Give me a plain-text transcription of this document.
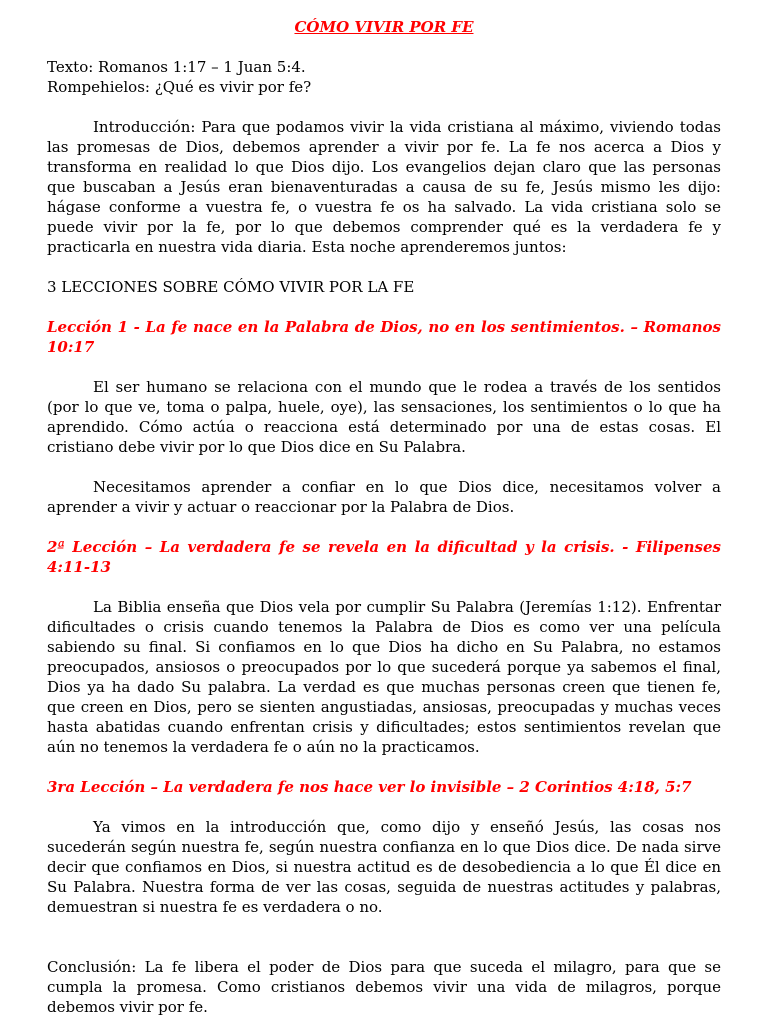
CÓMO VIVIR POR FE

Texto: Romanos 1:17 – 1 Juan 5:4.

Rompehielos: ¿Qué es vivir por fe?

Introducción: Para que podamos vivir la vida cristiana al máximo, viviendo todas las promesas de Dios, debemos aprender a vivir por fe. La fe nos acerca a Dios y transforma en realidad lo que Dios dijo. Los evangelios dejan claro que las personas que buscaban a Jesús eran bienaventuradas a causa de su fe, Jesús mismo les dijo: hágase conforme a vuestra fe, o vuestra fe os ha salvado. La vida cristiana solo se puede vivir por la fe, por lo que debemos comprender qué es la verdadera fe y practicarla en nuestra vida diaria. Esta noche aprenderemos juntos:

3 LECCIONES SOBRE CÓMO VIVIR POR LA FE

Lección 1 - La fe nace en la Palabra de Dios, no en los sentimientos. – Romanos 10:17

El ser humano se relaciona con el mundo que le rodea a través de los sentidos (por lo que ve, toma o palpa, huele, oye), las sensaciones, los sentimientos o lo que ha aprendido. Cómo actúa o reacciona está determinado por una de estas cosas. El cristiano debe vivir por lo que Dios dice en Su Palabra.

Necesitamos aprender a confiar en lo que Dios dice, necesitamos volver a aprender a vivir y actuar o reaccionar por la Palabra de Dios.

2ª Lección – La verdadera fe se revela en la dificultad y la crisis. - Filipenses 4:11-13

La Biblia enseña que Dios vela por cumplir Su Palabra (Jeremías 1:12). Enfrentar dificultades o crisis cuando tenemos la Palabra de Dios es como ver una película sabiendo su final. Si confiamos en lo que Dios ha dicho en Su Palabra, no estamos preocupados, ansiosos o preocupados por lo que sucederá porque ya sabemos el final, Dios ya ha dado Su palabra. La verdad es que muchas personas creen que tienen fe, que creen en Dios, pero se sienten angustiadas, ansiosas, preocupadas y muchas veces hasta abatidas cuando enfrentan crisis y dificultades; estos sentimientos revelan que aún no tenemos la verdadera fe o aún no la practicamos.

3ra Lección – La verdadera fe nos hace ver lo invisible – 2 Corintios 4:18, 5:7

Ya vimos en la introducción que, como dijo y enseñó Jesús, las cosas nos sucederán según nuestra fe, según nuestra confianza en lo que Dios dice. De nada sirve decir que confiamos en Dios, si nuestra actitud es de desobediencia a lo que Él dice en Su Palabra. Nuestra forma de ver las cosas, seguida de nuestras actitudes y palabras, demuestran si nuestra fe es verdadera o no.

Conclusión: La fe libera el poder de Dios para que suceda el milagro, para que se cumpla la promesa. Como cristianos debemos vivir una vida de milagros, porque debemos vivir por fe.
